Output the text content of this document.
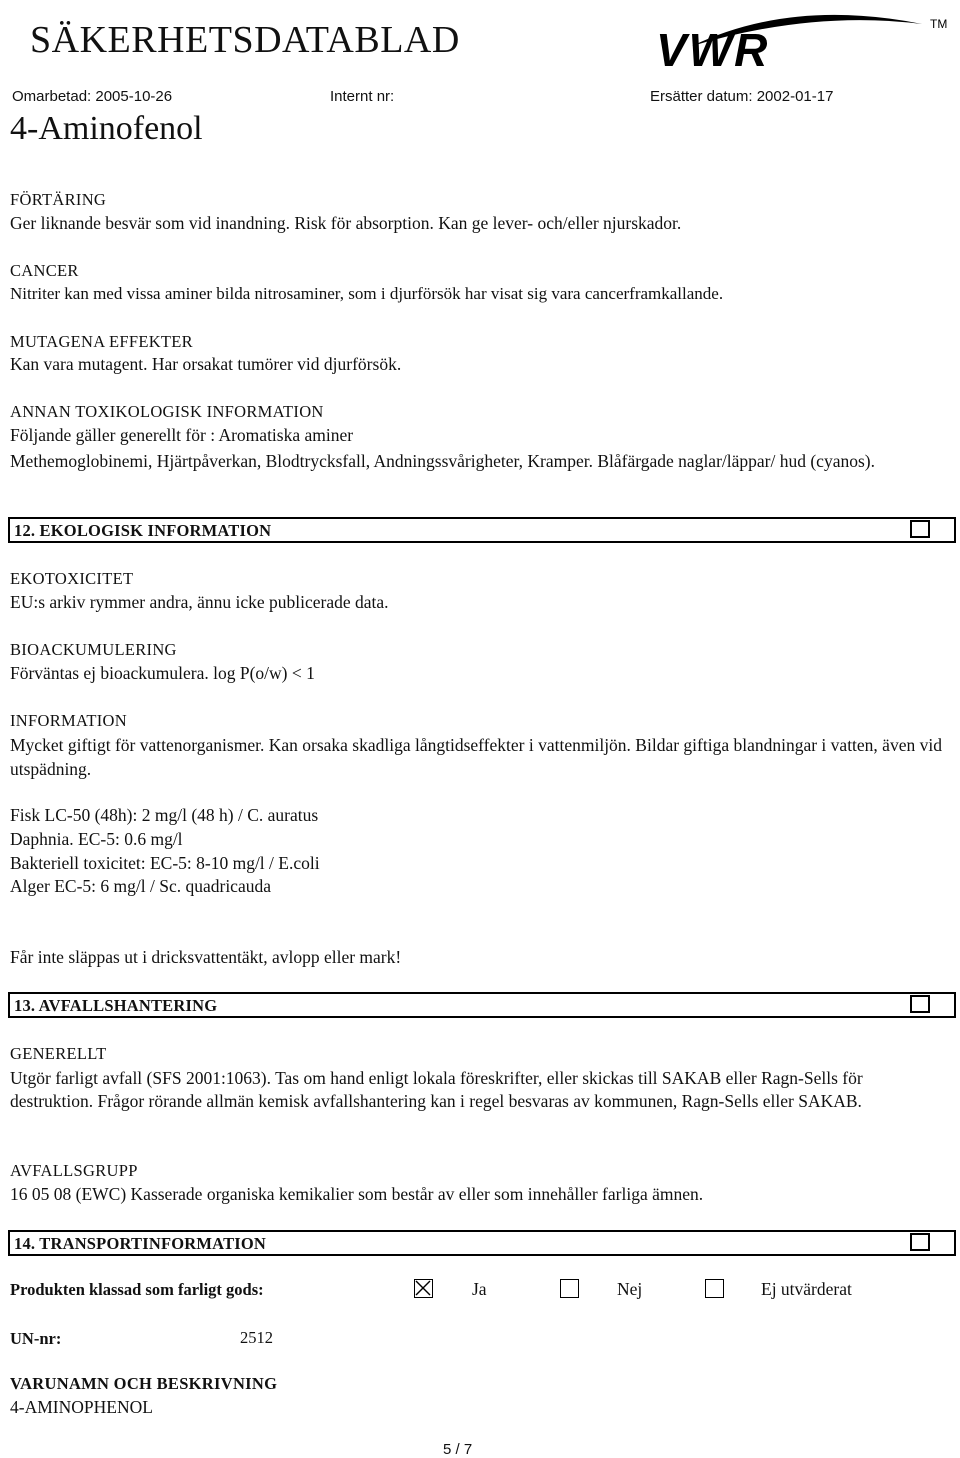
SÄKERHETSDATABLAD	VWR	TM
Omarbetad: 2005-10-26	Internt nr:	Ersätter datum: 2002-01-17
4-Aminofenol
FÖRTÄRING
Ger liknande besvär som vid inandning. Risk för absorption. Kan ge lever- och/eller njurskador.
CANCER
Nitriter kan med vissa aminer bilda nitrosaminer, som i djurförsök har visat sig vara cancerframkallande.
MUTAGENA EFFEKTER
Kan vara mutagent. Har orsakat tumörer vid djurförsök.
ANNAN TOXIKOLOGISK INFORMATION
Följande gäller generellt för : Aromatiska aminer
Methemoglobinemi, Hjärtpåverkan, Blodtrycksfall, Andningssvårigheter, Kramper. Blåfärgade naglar/läppar/ hud (cyanos).
12. EKOLOGISK INFORMATION
EKOTOXICITET
EU:s arkiv rymmer andra, ännu icke publicerade data.
BIOACKUMULERING
Förväntas ej bioackumulera. log P(o/w) < 1
INFORMATION
Mycket giftigt för vattenorganismer. Kan orsaka skadliga långtidseffekter i vattenmiljön. Bildar giftiga blandningar i vatten, även vid utspädning.
Fisk LC-50 (48h): 2 mg/l (48 h) / C. auratus
Daphnia. EC-5: 0.6 mg/l
Bakteriell toxicitet: EC-5: 8-10 mg/l / E.coli
Alger EC-5: 6 mg/l / Sc. quadricauda
Får inte släppas ut i dricksvattentäkt, avlopp eller mark!
13. AVFALLSHANTERING
GENERELLT
Utgör farligt avfall (SFS 2001:1063). Tas om hand enligt lokala föreskrifter, eller skickas till SAKAB eller Ragn-Sells för destruktion. Frågor rörande allmän kemisk avfallshantering kan i regel besvaras av kommunen, Ragn-Sells eller SAKAB.
AVFALLSGRUPP
16 05 08 (EWC) Kasserade organiska kemikalier som består av eller som innehåller farliga ämnen.
14. TRANSPORTINFORMATION
Produkten klassad som farligt gods:	Ja	Nej	Ej utvärderat
UN-nr:	2512
VARUNAMN OCH BESKRIVNING
4-AMINOPHENOL
5 / 7
